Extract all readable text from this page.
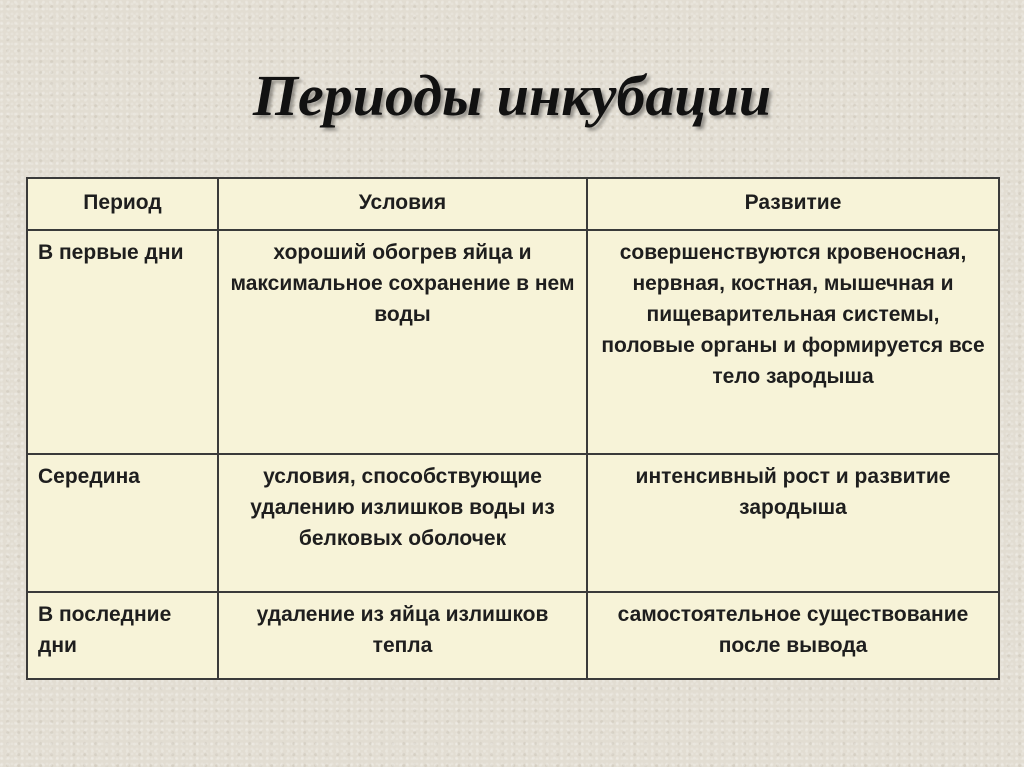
Периоды инкубации
Период	Условия	Развитие
В первые дни	хороший обогрев яйца и максимальное сохранение в нем воды	совершенствуются кровеносная, нервная, костная, мышечная и пищеварительная системы, половые органы и формируется все тело зародыша
Середина	условия, способствующие удалению излишков воды из белковых оболочек	интенсивный рост и развитие зародыша
В последние дни	удаление из яйца излишков тепла	самостоятельное существование после вывода
